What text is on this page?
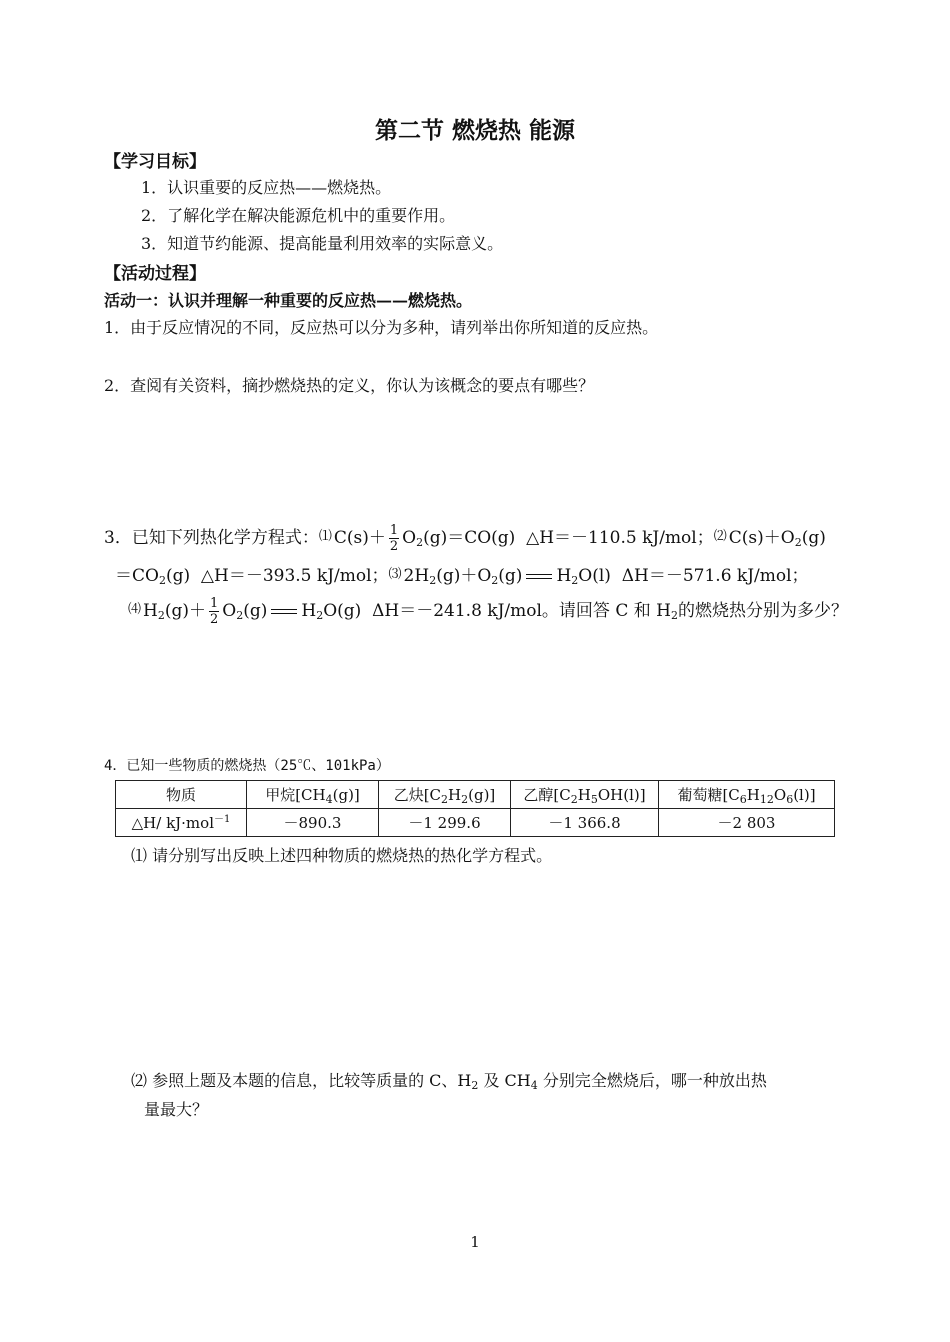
第二节 燃烧热 能源
【学习目标】
1．认识重要的反应热——燃烧热。
2．了解化学在解决能源危机中的重要作用。
3．知道节约能源、提高能量利用效率的实际意义。
【活动过程】
活动一：认识并理解一种重要的反应热——燃烧热。
1．由于反应情况的不同，反应热可以分为多种，请列举出你所知道的反应热。
2．查阅有关资料，摘抄燃烧热的定义，你认为该概念的要点有哪些？
3．已知下列热化学方程式：⑴ $C(s)+ \frac{1}{2} O_2(g)=CO(g)$ △H＝－110.5 kJ/mol；⑵ $C(s)+O_2(g)$
$=CO_2(g)$ △H＝－393.5 kJ/mol；⑶ $2H_2(g)+O_2(g)$ $H_2O(l)$ ΔH＝－571.6 kJ/mol；
⑷ $H_2(g)+ \frac{1}{2} O_2(g)$ $H_2O(g)$ ΔH＝－241.8 kJ/mol。请回答 C 和 $H_2$的燃烧热分别为多少？
4．已知一些物质的燃烧热（25℃、101kPa）
物质	甲烷$[CH_4(g)]$	乙炔$[C_2H_2(g)]$	乙醇$[C_2H_5OH(l)]$	葡萄糖$[C_6H_{12}O_6(l)]$
△H/ kJ·mol$^{-1}$	－890.3	－1 299.6	－1 366.8	－2 803
⑴ 请分别写出反映上述四种物质的燃烧热的热化学方程式。
⑵ 参照上题及本题的信息，比较等质量的 C、$H_2$ 及 $CH_4$ 分别完全燃烧后，哪一种放出热
量最大？
1
